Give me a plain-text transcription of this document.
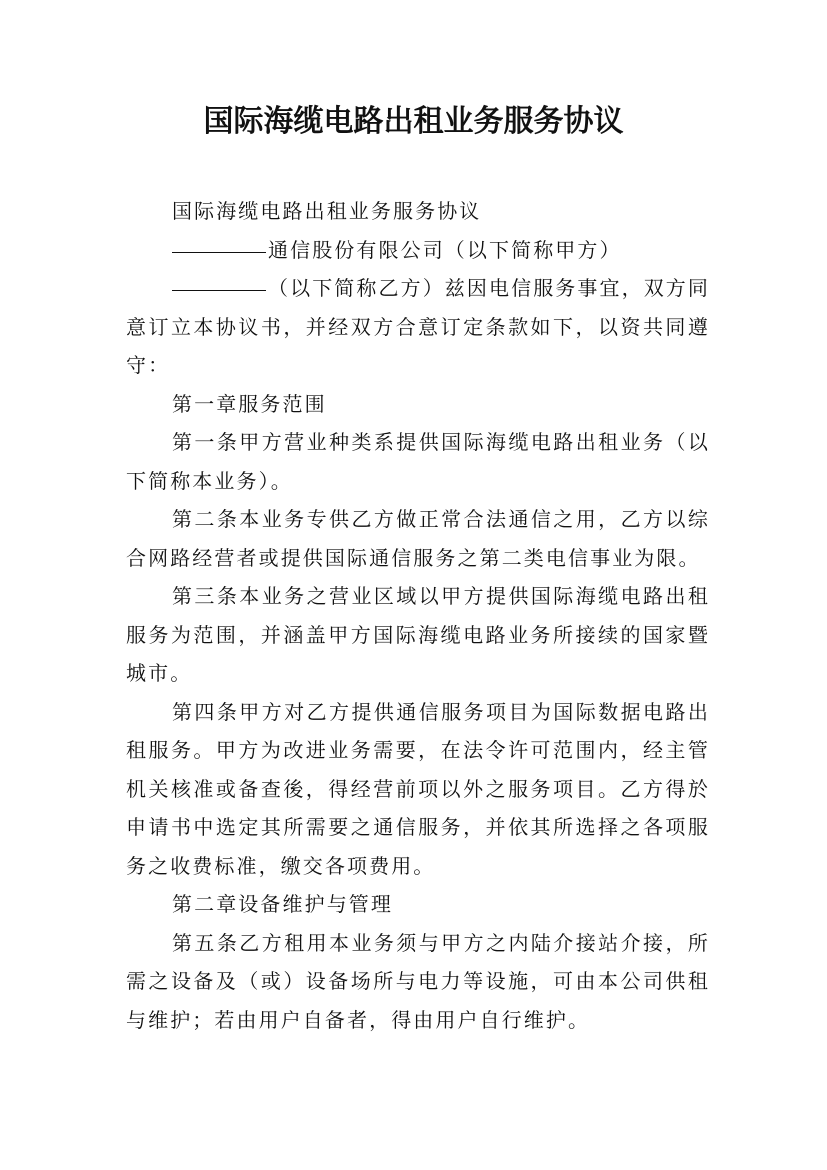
国际海缆电路出租业务服务协议

国际海缆电路出租业务服务协议

通信股份有限公司（以下简称甲方）

（以下简称乙方）兹因电信服务事宜，双方同意订立本协议书，并经双方合意订定条款如下，以资共同遵守：

第一章服务范围

第一条甲方营业种类系提供国际海缆电路出租业务（以下简称本业务）。

第二条本业务专供乙方做正常合法通信之用，乙方以综合网路经营者或提供国际通信服务之第二类电信事业为限。

第三条本业务之营业区域以甲方提供国际海缆电路出租服务为范围，并涵盖甲方国际海缆电路业务所接续的国家暨城市。

第四条甲方对乙方提供通信服务项目为国际数据电路出租服务。甲方为改进业务需要，在法令许可范围内，经主管机关核准或备查後，得经营前项以外之服务项目。乙方得於申请书中选定其所需要之通信服务，并依其所选择之各项服务之收费标准，缴交各项费用。

第二章设备维护与管理

第五条乙方租用本业务须与甲方之内陆介接站介接，所需之设备及（或）设备场所与电力等设施，可由本公司供租与维护；若由用户自备者，得由用户自行维护。
